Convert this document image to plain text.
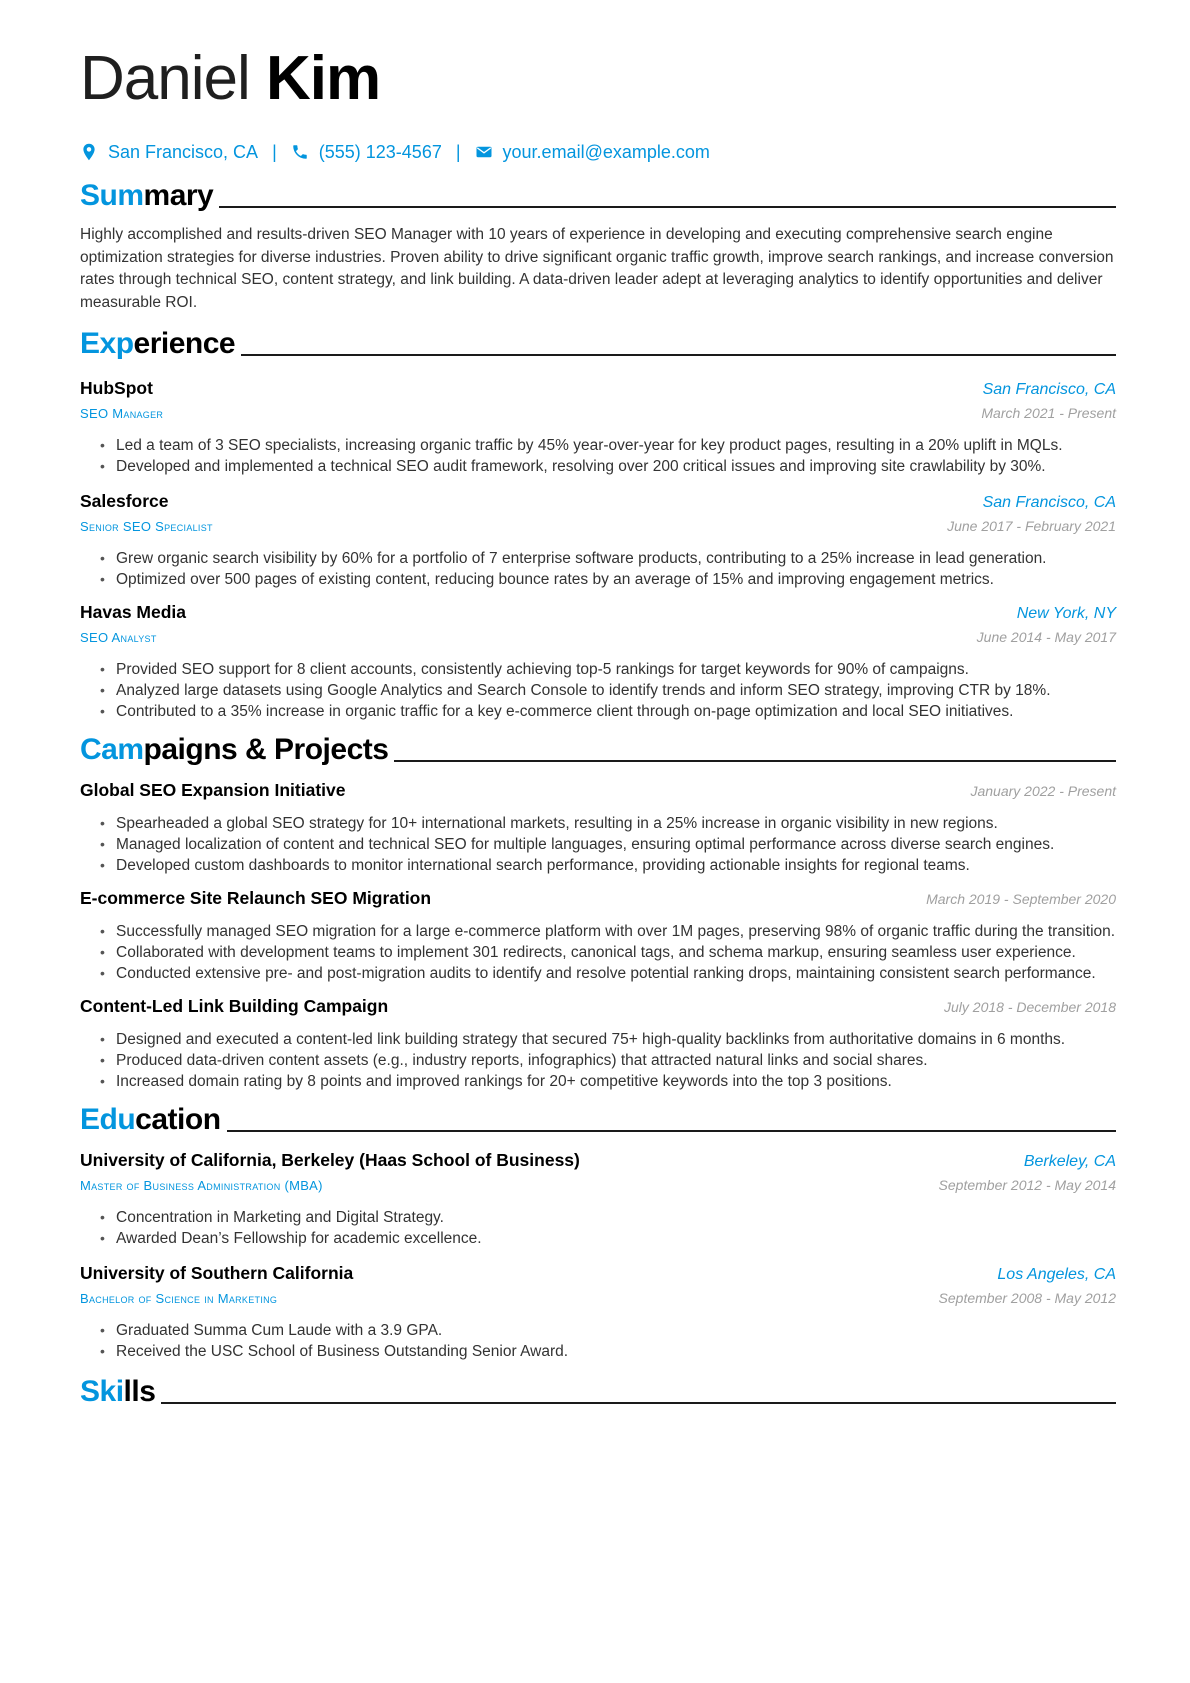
Daniel Kim
San Francisco, CA | (555) 123-4567 | your.email@example.com
Summary

Highly accomplished and results-driven SEO Manager with 10 years of experience in developing and executing comprehensive search engine optimization strategies for diverse industries. Proven ability to drive significant organic traffic growth, improve search rankings, and increase conversion rates through technical SEO, content strategy, and link building. A data-driven leader adept at leveraging analytics to identify opportunities and deliver measurable ROI.

Experience
HubSpot	San Francisco, CA
SEO Manager	March 2021 - Present
• Led a team of 3 SEO specialists, increasing organic traffic by 45% year-over-year for key product pages, resulting in a 20% uplift in MQLs.
• Developed and implemented a technical SEO audit framework, resolving over 200 critical issues and improving site crawlability by 30%.
Salesforce	San Francisco, CA
Senior SEO Specialist	June 2017 - February 2021
• Grew organic search visibility by 60% for a portfolio of 7 enterprise software products, contributing to a 25% increase in lead generation.
• Optimized over 500 pages of existing content, reducing bounce rates by an average of 15% and improving engagement metrics.
Havas Media	New York, NY
SEO Analyst	June 2014 - May 2017
• Provided SEO support for 8 client accounts, consistently achieving top-5 rankings for target keywords for 90% of campaigns.
• Analyzed large datasets using Google Analytics and Search Console to identify trends and inform SEO strategy, improving CTR by 18%.
• Contributed to a 35% increase in organic traffic for a key e-commerce client through on-page optimization and local SEO initiatives.
Campaigns & Projects
Global SEO Expansion Initiative	January 2022 - Present
• Spearheaded a global SEO strategy for 10+ international markets, resulting in a 25% increase in organic visibility in new regions.
• Managed localization of content and technical SEO for multiple languages, ensuring optimal performance across diverse search engines.
• Developed custom dashboards to monitor international search performance, providing actionable insights for regional teams.
E-commerce Site Relaunch SEO Migration	March 2019 - September 2020
• Successfully managed SEO migration for a large e-commerce platform with over 1M pages, preserving 98% of organic traffic during the transition.
• Collaborated with development teams to implement 301 redirects, canonical tags, and schema markup, ensuring seamless user experience.
• Conducted extensive pre- and post-migration audits to identify and resolve potential ranking drops, maintaining consistent search performance.
Content-Led Link Building Campaign	July 2018 - December 2018
• Designed and executed a content-led link building strategy that secured 75+ high-quality backlinks from authoritative domains in 6 months.
• Produced data-driven content assets (e.g., industry reports, infographics) that attracted natural links and social shares.
• Increased domain rating by 8 points and improved rankings for 20+ competitive keywords into the top 3 positions.
Education
University of California, Berkeley (Haas School of Business)	Berkeley, CA
Master of Business Administration (MBA)	September 2012 - May 2014
• Concentration in Marketing and Digital Strategy.
• Awarded Dean’s Fellowship for academic excellence.
University of Southern California	Los Angeles, CA
Bachelor of Science in Marketing	September 2008 - May 2012
• Graduated Summa Cum Laude with a 3.9 GPA.
• Received the USC School of Business Outstanding Senior Award.
Skills
